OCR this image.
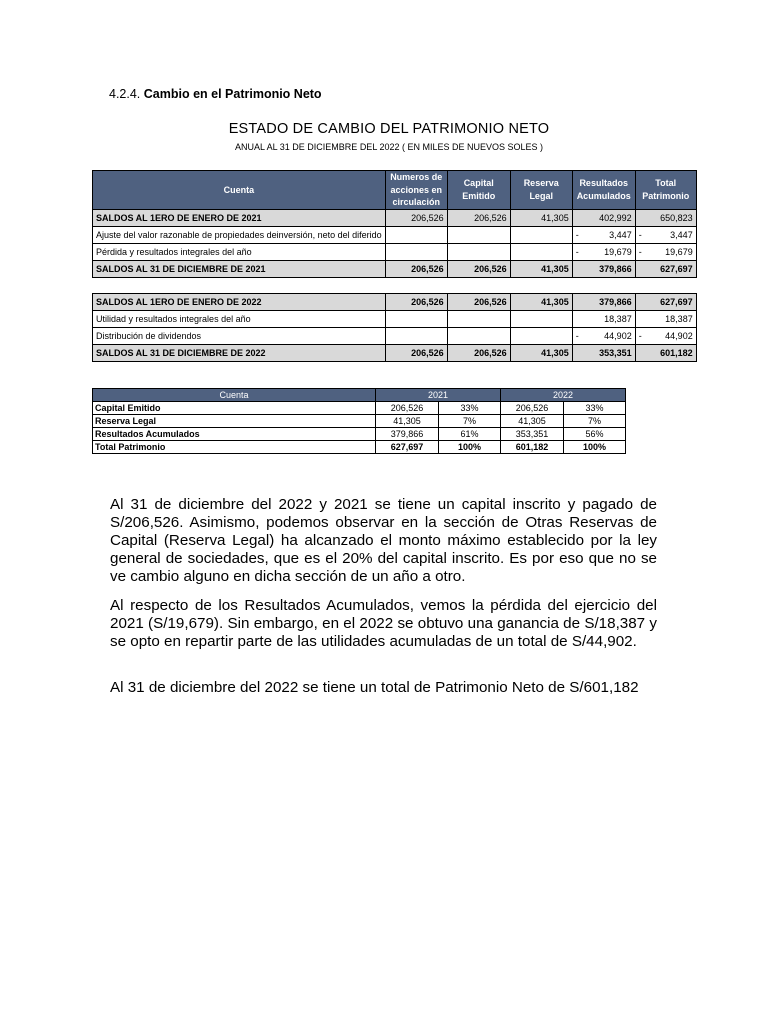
4.2.4. Cambio en el Patrimonio Neto
ESTADO DE CAMBIO DEL PATRIMONIO NETO
ANUAL AL 31 DE DICIEMBRE DEL 2022 ( EN MILES DE NUEVOS SOLES )
Cuenta	Numeros de acciones en circulación	Capital Emitido	Reserva Legal	Resultados Acumulados	Total Patrimonio
SALDOS AL 1ERO DE ENERO DE 2021	206,526	206,526	41,305	402,992	650,823
Ajuste del valor razonable de propiedades deinversión, neto del diferido				- 3,447	- 3,447

Pérdida y resultados integrales del año				- 19,679	- 19,679

SALDOS AL 31 DE DICIEMBRE DE 2021	206,526	206,526	41,305	379,866	627,697

SALDOS AL 1ERO DE ENERO DE 2022	206,526	206,526	41,305	379,866	627,697
Utilidad y resultados integrales del año				18,387	18,387
Distribución de dividendos				- 44,902	- 44,902

SALDOS AL 31 DE DICIEMBRE DE 2022	206,526	206,526	41,305	353,351	601,182
Cuenta	2021		2022	
Capital Emitido	206,526	33%	206,526	33%
Reserva Legal	41,305	7%	41,305	7%
Resultados Acumulados	379,866	61%	353,351	56%
Total Patrimonio	627,697	100%	601,182	100%

Al 31 de diciembre del 2022 y 2021 se tiene un capital inscrito y pagado de S/206,526. Asimismo, podemos observar en la sección de Otras Reservas de Capital (Reserva Legal) ha alcanzado el monto máximo establecido por la ley general de sociedades, que es el 20% del capital inscrito. Es por eso que no se ve cambio alguno en dicha sección de un año a otro.

Al respecto de los Resultados Acumulados, vemos la pérdida del ejercicio del 2021 (S/19,679). Sin embargo, en el 2022 se obtuvo una ganancia de S/18,387 y se opto en repartir parte de las utilidades acumuladas de un total de S/44,902.

Al 31 de diciembre del 2022 se tiene un total de Patrimonio Neto de S/601,182
